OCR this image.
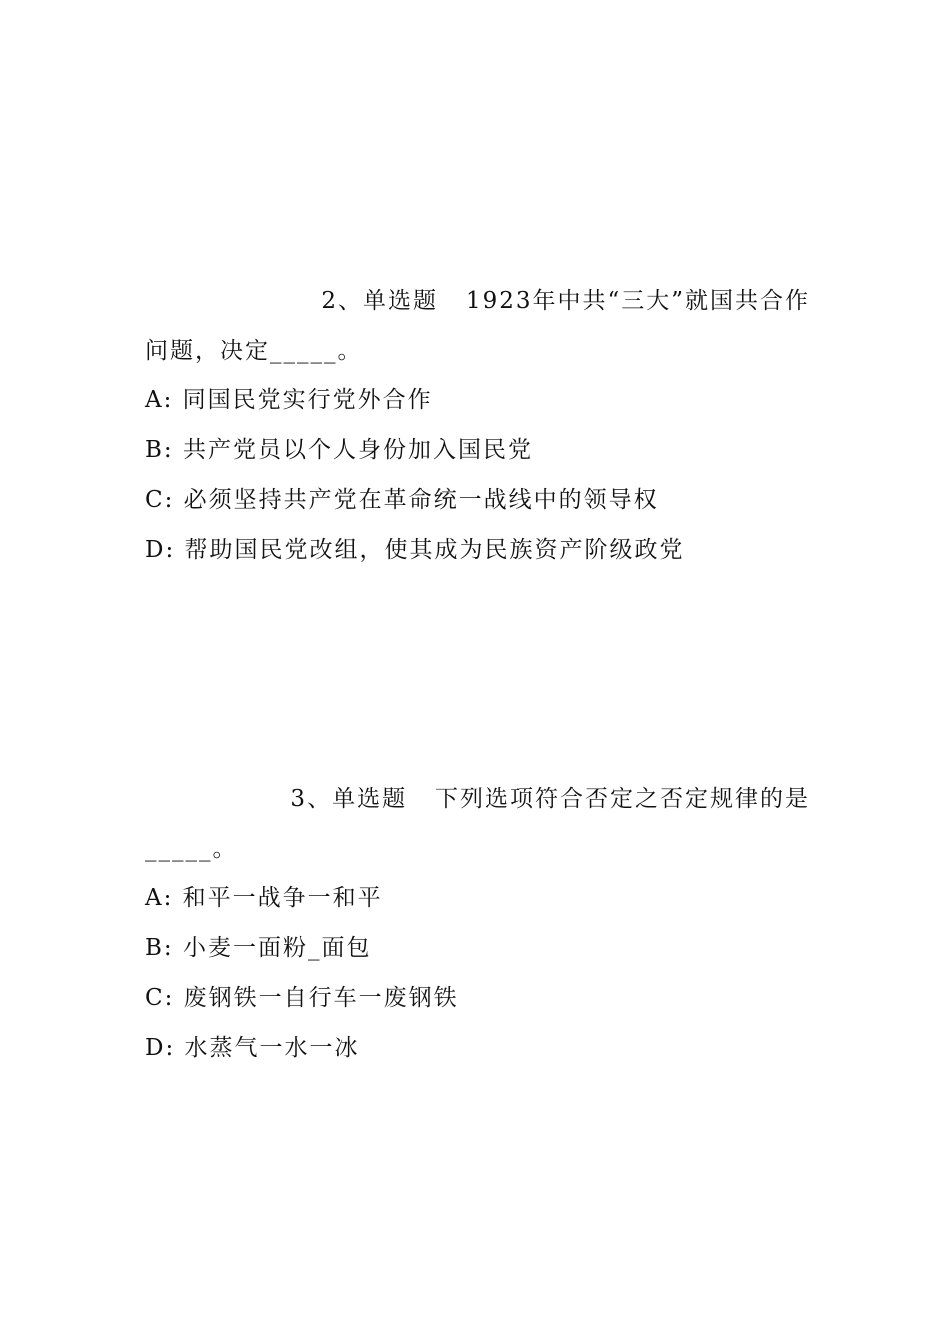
2、单选题 1923年中共“三大”就国共合作
问题，决定_____。
A: 同国民党实行党外合作
B: 共产党员以个人身份加入国民党
C: 必须坚持共产党在革命统一战线中的领导权
D: 帮助国民党改组，使其成为民族资产阶级政党
3、单选题 下列选项符合否定之否定规律的是
_____。
A: 和平一战争一和平
B: 小麦一面粉_面包
C: 废钢铁一自行车一废钢铁
D: 水蒸气一水一冰
